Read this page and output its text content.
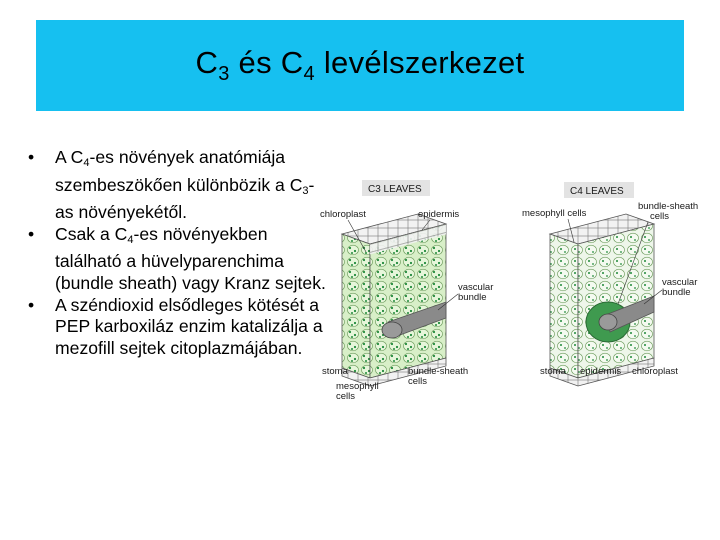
$C_3$ és $C_4$ levélszerkezet
• A $C_4-es$ növények anatómiája szembeszökően különbözik a $C_3-as$ növényekétől.
• Csak a $C_4-es$ növényekben található a hüvelyparenchima (bundle sheath) vagy Kranz sejtek.
• A széndioxid elsődleges kötését a PEP karboxiláz enzim katalizálja a mezofill sejtek citoplazmájában.
C3 LEAVES	C4 LEAVES
chloroplast	epidermis
vascular
bundle
stoma	bundle-sheath
cells
mesophyll
cells
mesophyll cells
bundle-sheath
cells
vascular
bundle
stoma epidermis chloroplast
